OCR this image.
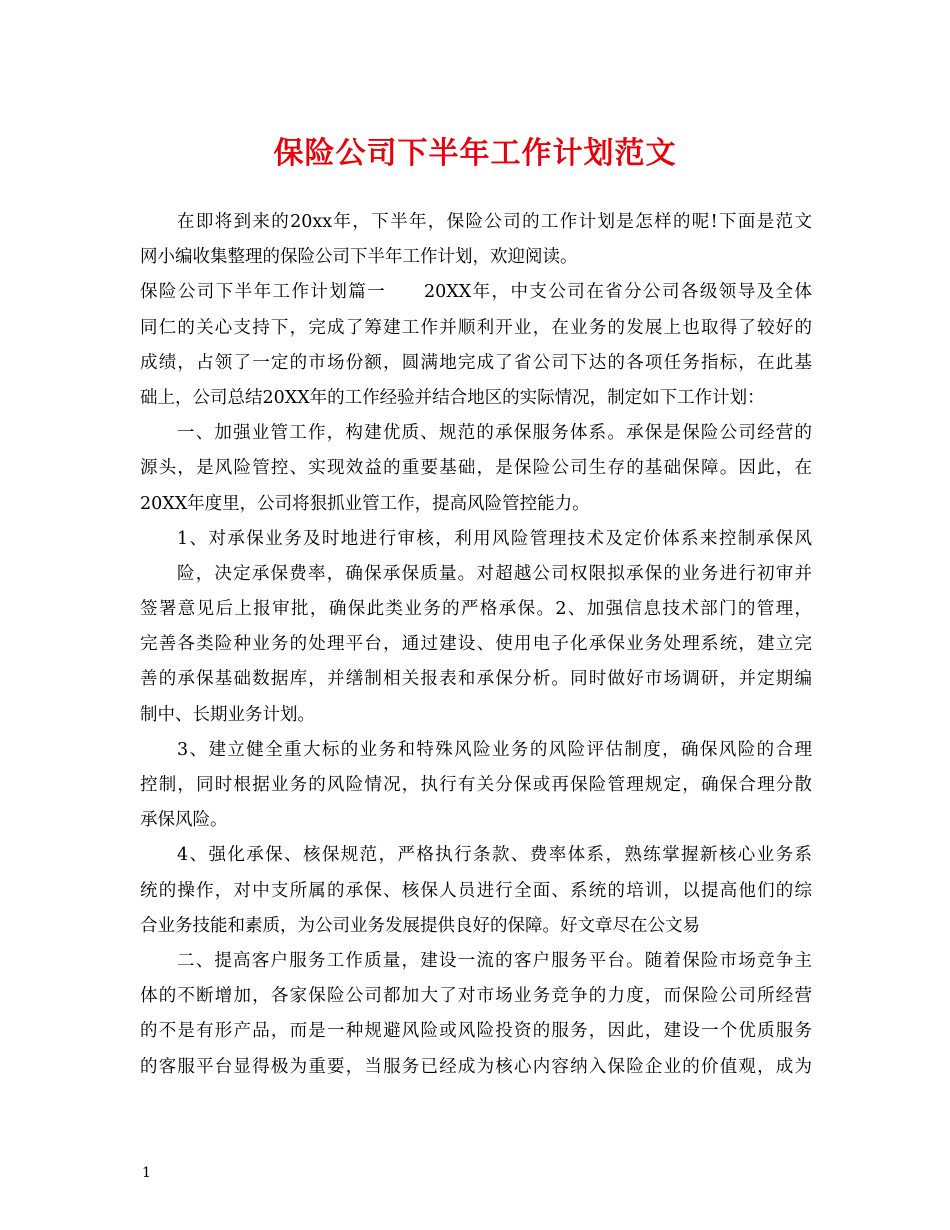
保险公司下半年工作计划范文
在即将到来的20xx年，下半年，保险公司的工作计划是怎样的呢!下面是范文
网小编收集整理的保险公司下半年工作计划，欢迎阅读。
保险公司下半年工作计划篇一　　20XX年，中支公司在省分公司各级领导及全体
同仁的关心支持下，完成了筹建工作并顺利开业，在业务的发展上也取得了较好的
成绩，占领了一定的市场份额，圆满地完成了省公司下达的各项任务指标，在此基
础上，公司总结20XX年的工作经验并结合地区的实际情况，制定如下工作计划：
一、加强业管工作，构建优质、规范的承保服务体系。承保是保险公司经营的
源头，是风险管控、实现效益的重要基础，是保险公司生存的基础保障。因此，在
20XX年度里，公司将狠抓业管工作，提高风险管控能力。
1、对承保业务及时地进行审核，利用风险管理技术及定价体系来控制承保风
险，决定承保费率，确保承保质量。对超越公司权限拟承保的业务进行初审并
签署意见后上报审批，确保此类业务的严格承保。2、加强信息技术部门的管理，
完善各类险种业务的处理平台，通过建设、使用电子化承保业务处理系统，建立完
善的承保基础数据库，并缮制相关报表和承保分析。同时做好市场调研，并定期编
制中、长期业务计划。
3、建立健全重大标的业务和特殊风险业务的风险评估制度，确保风险的合理
控制，同时根据业务的风险情况，执行有关分保或再保险管理规定，确保合理分散
承保风险。
4、强化承保、核保规范，严格执行条款、费率体系，熟练掌握新核心业务系
统的操作，对中支所属的承保、核保人员进行全面、系统的培训，以提高他们的综
合业务技能和素质，为公司业务发展提供良好的保障。好文章尽在公文易
二、提高客户服务工作质量，建设一流的客户服务平台。随着保险市场竞争主
体的不断增加，各家保险公司都加大了对市场业务竞争的力度，而保险公司所经营
的不是有形产品，而是一种规避风险或风险投资的服务，因此，建设一个优质服务
的客服平台显得极为重要，当服务已经成为核心内容纳入保险企业的价值观，成为
1
